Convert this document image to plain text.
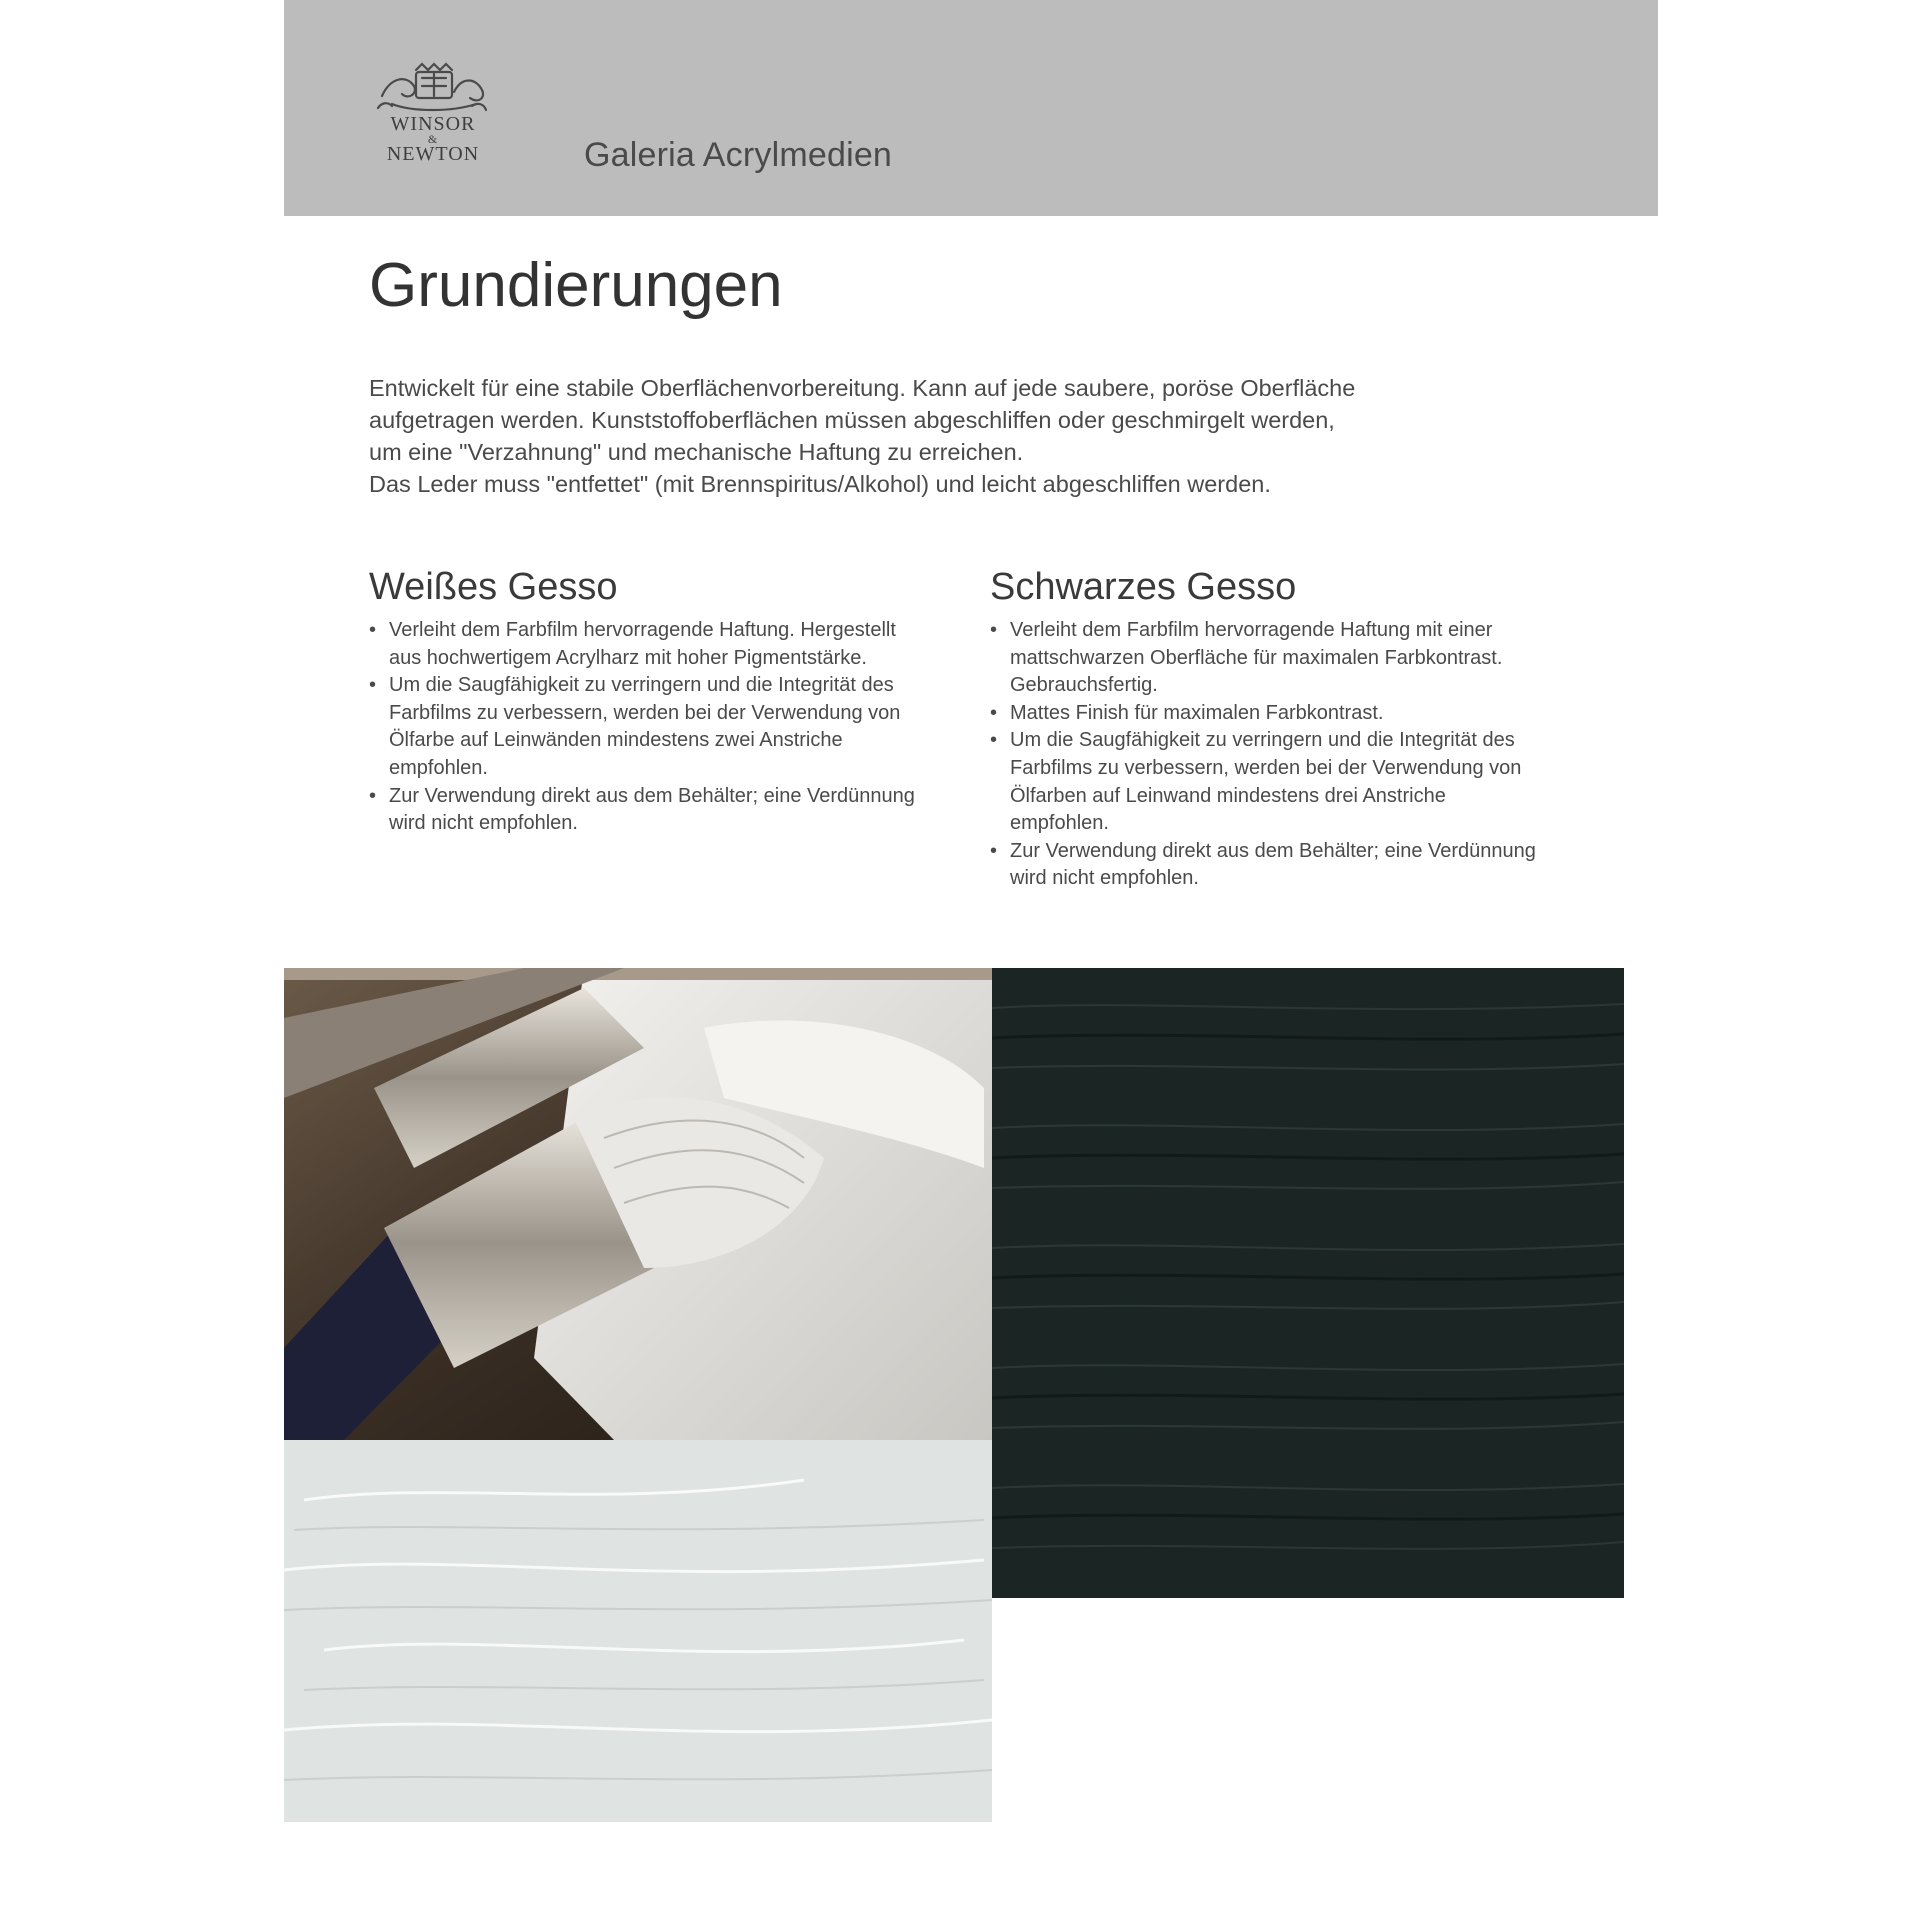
WINSOR
&
NEWTON	Galeria Acrylmedien
Grundierungen

Entwickelt für eine stabile Oberflächenvorbereitung. Kann auf jede saubere, poröse Oberfläche

aufgetragen werden. Kunststoffoberflächen müssen abgeschliffen oder geschmirgelt werden,

um eine "Verzahnung" und mechanische Haftung zu erreichen.

Das Leder muss "entfettet" (mit Brennspiritus/Alkohol) und leicht abgeschliffen werden.

Weißes Gesso
• Verleiht dem Farbfilm hervorragende Haftung. Hergestellt aus hochwertigem Acrylharz mit hoher Pigmentstärke.
• Um die Saugfähigkeit zu verringern und die Integrität des Farbfilms zu verbessern, werden bei der Verwendung von Ölfarbe auf Leinwänden mindestens zwei Anstriche empfohlen.
• Zur Verwendung direkt aus dem Behälter; eine Verdünnung wird nicht empfohlen.
Schwarzes Gesso
• Verleiht dem Farbfilm hervorragende Haftung mit einer mattschwarzen Oberfläche für maximalen Farbkontrast. Gebrauchsfertig.
• Mattes Finish für maximalen Farbkontrast.
• Um die Saugfähigkeit zu verringern und die Integrität des Farbfilms zu verbessern, werden bei der Verwendung von Ölfarben auf Leinwand mindestens drei Anstriche empfohlen.
• Zur Verwendung direkt aus dem Behälter; eine Verdünnung wird nicht empfohlen.
